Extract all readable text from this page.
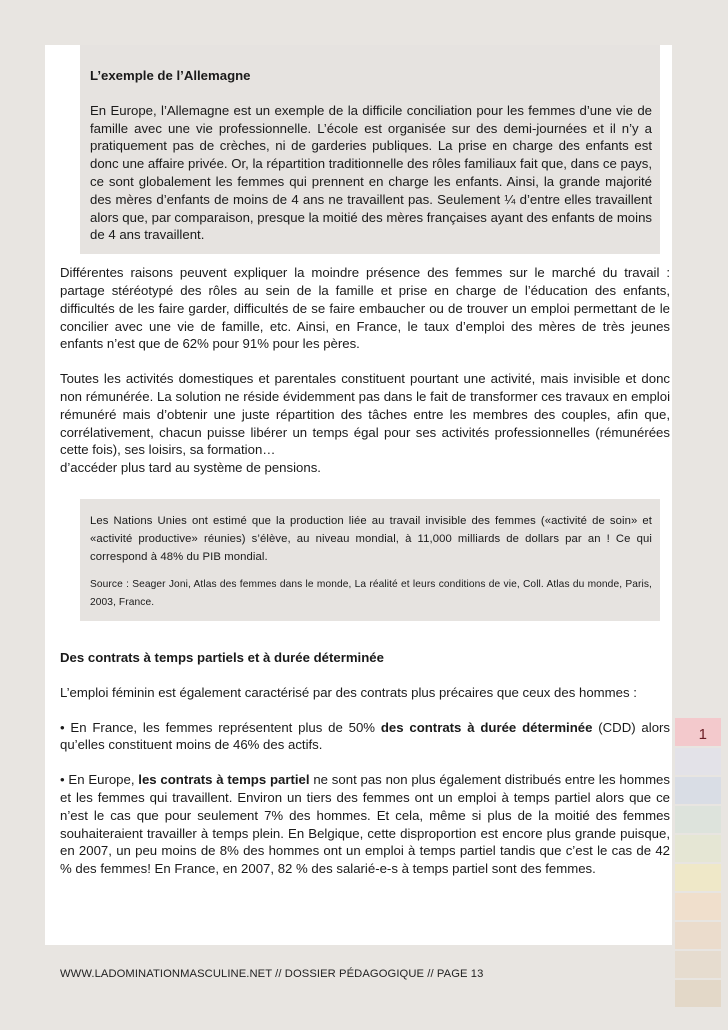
L’exemple de l’Allemagne

En Europe, l’Allemagne est un exemple de la difficile conciliation pour les femmes d’une vie de famille avec une vie professionnelle. L’école est organisée sur des demi-journées et il n’y a pratiquement pas de crèches, ni de garderies publiques. La prise en charge des enfants est donc une affaire privée. Or, la répartition traditionnelle des rôles familiaux fait que, dans ce pays, ce sont globalement les femmes qui prennent en charge les enfants. Ainsi, la grande majorité des mères d’enfants de moins de 4 ans ne travaillent pas. Seulement ¼ d’entre elles travaillent alors que, par comparaison, presque la moitié des mères françaises ayant des enfants de moins de 4 ans travaillent.

Différentes raisons peuvent expliquer la moindre présence des femmes sur le marché du travail : partage stéréotypé des rôles au sein de la famille et prise en charge de l’éducation des enfants, difficultés de les faire garder, difficultés de se faire embaucher ou de trouver un emploi permettant de le concilier avec une vie de famille, etc. Ainsi, en France, le taux d’emploi des mères de très jeunes enfants n’est que de 62% pour 91% pour les pères.

Toutes les activités domestiques et parentales constituent pourtant une activité, mais invisible et donc non rémunérée. La solution ne réside évidemment pas dans le fait de transformer ces travaux en emploi rémunéré mais d’obtenir une juste répartition des tâches entre les membres des couples, afin que, corrélativement, chacun puisse libérer un temps égal pour ses activités professionnelles (rémunérées cette fois), ses loisirs, sa formation…

d’accéder plus tard au système de pensions.

Les Nations Unies ont estimé que la production liée au travail invisible des femmes («activité de soin» et «activité productive» réunies) s’élève, au niveau mondial, à 11,000 milliards de dollars par an ! Ce qui correspond à 48% du PIB mondial.

Source : Seager Joni, Atlas des femmes dans le monde, La réalité et leurs conditions de vie, Coll. Atlas du monde, Paris, 2003, France.

Des contrats à temps partiels et à durée déterminée

L’emploi féminin est également caractérisé par des contrats plus précaires que ceux des hommes :

• En France, les femmes représentent plus de 50% des contrats à durée déterminée (CDD) alors qu’elles constituent moins de 46% des actifs.

• En Europe, les contrats à temps partiel ne sont pas non plus également distribués entre les hommes et les femmes qui travaillent. Environ un tiers des femmes ont un emploi à temps partiel alors que ce n’est le cas que pour seulement 7% des hommes. Et cela, même si plus de la moitié des femmes souhaiteraient travailler à temps plein. En Belgique, cette disproportion est encore plus grande puisque, en 2007, un peu moins de 8% des hommes ont un emploi à temps partiel tandis que c’est le cas de 42 % des femmes! En France, en 2007, 82 % des salarié-e-s à temps partiel sont des femmes.

WWW.LADOMINATIONMASCULINE.NET // DOSSIER PÉDAGOGIQUE // PAGE 13
1
